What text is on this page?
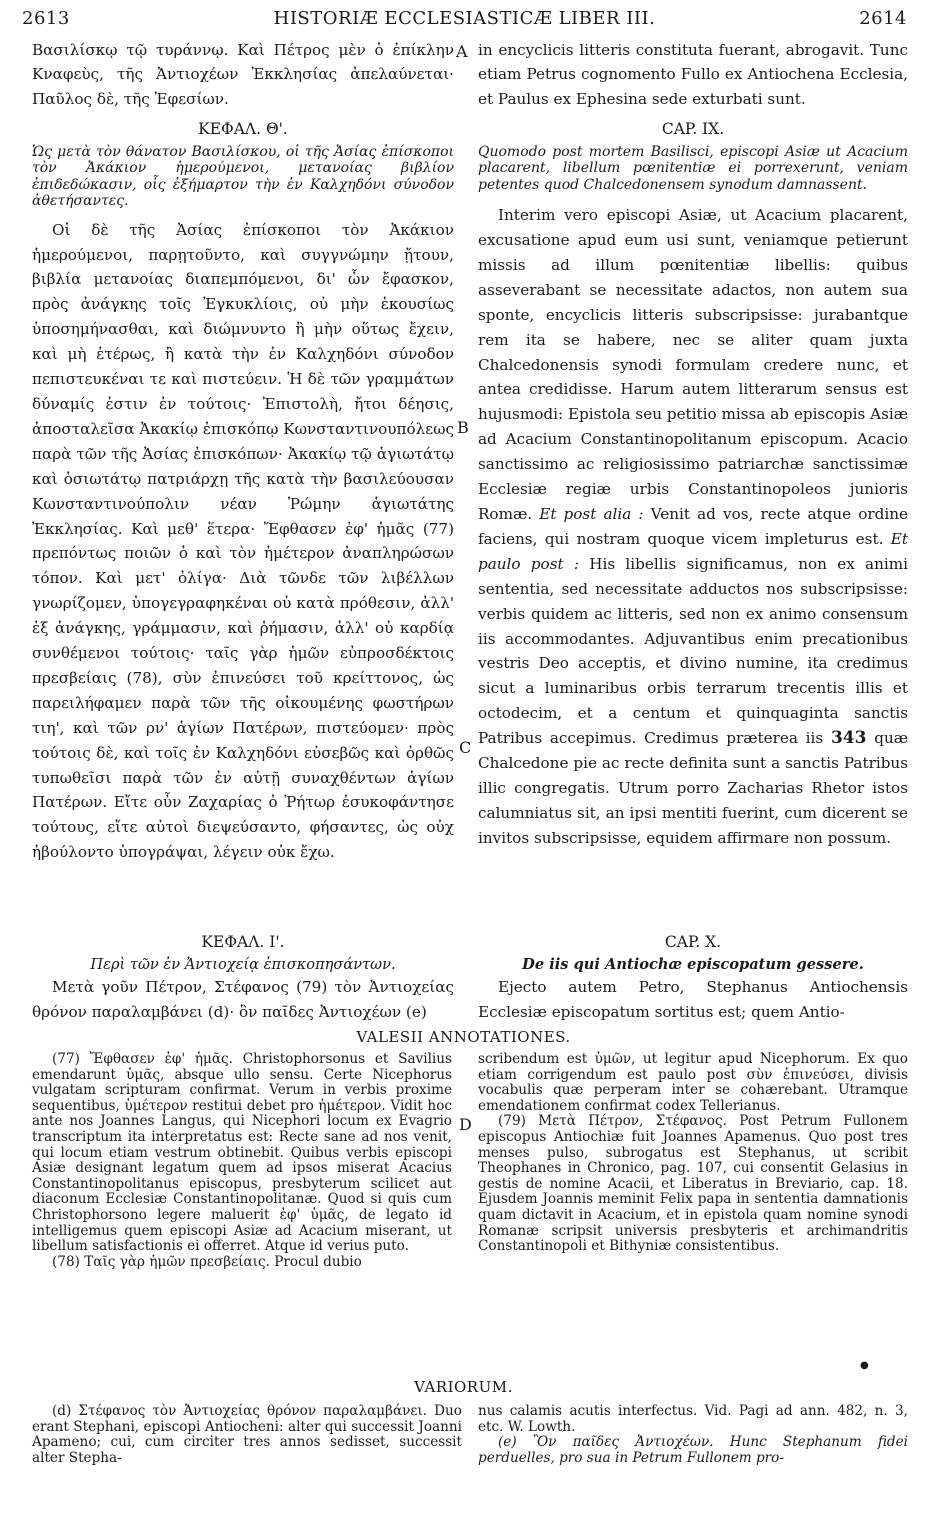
2613	HISTORIÆ ECCLESIASTICÆ LIBER III.	2614
A
B
C
D

Βασιλίσκῳ τῷ τυράννῳ. Καὶ Πέτρος μὲν ὁ ἐπίκλην Κναφεὺς, τῆς Ἀντιοχέων Ἐκκλησίας ἀπελαύνεται· Παῦλος δὲ, τῆς Ἐφεσίων.

ΚΕΦΑΛ. Θ'.

Ὡς μετὰ τὸν θάνατον Βασιλίσκου, οἱ τῆς Ἀσίας ἐπίσκοποι τὸν Ἀκάκιον ἡμερούμενοι, μετανοίας βιβλίον ἐπιδεδώκασιν, οἷς ἐξήμαρτον τὴν ἐν Καλχηδόνι σύνοδον ἀθετήσαντες.

Οἱ δὲ τῆς Ἀσίας ἐπίσκοποι τὸν Ἀκάκιον ἡμερούμενοι, παρῃτοῦντο, καὶ συγγνώμην ᾔτουν, βιβλία μετανοίας διαπεμπόμενοι, δι' ὧν ἔφασκον, πρὸς ἀνάγκης τοῖς Ἐγκυκλίοις, οὐ μὴν ἑκουσίως ὑποσημήνασθαι, καὶ διώμνυντο ἢ μὴν οὕτως ἔχειν, καὶ μὴ ἑτέρως, ἢ κατὰ τὴν ἐν Καλχηδόνι σύνοδον πεπιστευκέναι τε καὶ πιστεύειν. Ἡ δὲ τῶν γραμμάτων δύναμίς ἐστιν ἐν τούτοις· Ἐπιστολὴ, ἤτοι δέησις, ἀποσταλεῖσα Ἀκακίῳ ἐπισκόπῳ Κωνσταντινουπόλεως παρὰ τῶν τῆς Ἀσίας ἐπισκόπων· Ἀκακίῳ τῷ ἁγιωτάτῳ καὶ ὁσιωτάτῳ πατριάρχῃ τῆς κατὰ τὴν βασιλεύουσαν Κωνσταντινούπολιν νέαν Ῥώμην ἁγιωτάτης Ἐκκλησίας. Καὶ μεθ' ἕτερα· Ἔφθασεν ἐφ' ἡμᾶς (77) πρεπόντως ποιῶν ὁ καὶ τὸν ἡμέτερον ἀναπληρώσων τόπον. Καὶ μετ' ὀλίγα· Διὰ τῶνδε τῶν λιβέλλων γνωρίζομεν, ὑπογεγραφηκέναι οὐ κατὰ πρόθεσιν, ἀλλ' ἐξ ἀνάγκης, γράμμασιν, καὶ ῥήμασιν, ἀλλ' οὐ καρδίᾳ συνθέμενοι τούτοις· ταῖς γὰρ ἡμῶν εὐπροσδέκτοις πρεσβείαις (78), σὺν ἐπινεύσει τοῦ κρείττονος, ὡς παρειλήφαμεν παρὰ τῶν τῆς οἰκουμένης φωστήρων τιη', καὶ τῶν ρν' ἁγίων Πατέρων, πιστεύομεν· πρὸς τούτοις δὲ, καὶ τοῖς ἐν Καλχηδόνι εὐσεβῶς καὶ ὀρθῶς τυπωθεῖσι παρὰ τῶν ἐν αὐτῇ συναχθέντων ἁγίων Πατέρων. Εἴτε οὖν Ζαχαρίας ὁ Ῥήτωρ ἐσυκοφάντησε τούτους, εἴτε αὐτοὶ διεψεύσαντο, φήσαντες, ὡς οὐχ ἠβούλοντο ὑπογράψαι, λέγειν οὐκ ἔχω.

ΚΕΦΑΛ. Ι'.

Περὶ τῶν ἐν Ἀντιοχείᾳ ἐπισκοπησάντων.

Μετὰ γοῦν Πέτρον, Στέφανος (79) τὸν Ἀντιοχείας θρόνον παραλαμβάνει (d)· ὃν παῖδες Ἀντιοχέων (e)

in encyclicis litteris constituta fuerant, abrogavit. Tunc etiam Petrus cognomento Fullo ex Antiochena Ecclesia, et Paulus ex Ephesina sede exturbati sunt.

CAP. IX.

Quomodo post mortem Basilisci, episcopi Asiæ ut Acacium placarent, libellum pœnitentiæ ei porrexerunt, veniam petentes quod Chalcedonensem synodum damnassent.

Interim vero episcopi Asiæ, ut Acacium placarent, excusatione apud eum usi sunt, veniamque petierunt missis ad illum pœnitentiæ libellis: quibus asseverabant se necessitate adactos, non autem sua sponte, encyclicis litteris subscripsisse: jurabantque rem ita se habere, nec se aliter quam juxta Chalcedonensis synodi formulam credere nunc, et antea credidisse. Harum autem litterarum sensus est hujusmodi: Epistola seu petitio missa ab episcopis Asiæ ad Acacium Constantinopolitanum episcopum. Acacio sanctissimo ac religiosissimo patriarchæ sanctissimæ Ecclesiæ regiæ urbis Constantinopoleos junioris Romæ. Et post alia : Venit ad vos, recte atque ordine faciens, qui nostram quoque vicem impleturus est. Et paulo post : His libellis significamus, non ex animi sententia, sed necessitate adductos nos subscripsisse: verbis quidem ac litteris, sed non ex animo consensum iis accommodantes. Adjuvantibus enim precationibus vestris Deo acceptis, et divino numine, ita credimus sicut a luminaribus orbis terrarum trecentis illis et octodecim, et a centum et quinquaginta sanctis Patribus accepimus. Credimus præterea iis 343 quæ Chalcedone pie ac recte definita sunt a sanctis Patribus illic congregatis. Utrum porro Zacharias Rhetor istos calumniatus sit, an ipsi mentiti fuerint, cum dicerent se invitos subscripsisse, equidem affirmare non possum.

CAP. X.

De iis qui Antiochæ episcopatum gessere.

Ejecto autem Petro, Stephanus Antiochensis Ecclesiæ episcopatum sortitus est; quem Antio-

VALESII ANNOTATIONES.

(77) Ἔφθασεν ἐφ' ἡμᾶς. Christophorsonus et Savilius emendarunt ὑμᾶς, absque ullo sensu. Certe Nicephorus vulgatam scripturam confirmat. Verum in verbis proxime sequentibus, ὑμέτερον restitui debet pro ἡμέτερον. Vidit hoc ante nos Joannes Langus, qui Nicephori locum ex Evagrio transcriptum ita interpretatus est: Recte sane ad nos venit, qui locum etiam vestrum obtinebit. Quibus verbis episcopi Asiæ designant legatum quem ad ipsos miserat Acacius Constantinopolitanus episcopus, presbyterum scilicet aut diaconum Ecclesiæ Constantinopolitanæ. Quod si quis cum Christophorsono legere maluerit ἐφ' ὑμᾶς, de legato id intelligemus quem episcopi Asiæ ad Acacium miserant, ut libellum satisfactionis ei offerret. Atque id verius puto.

(78) Ταῖς γὰρ ἡμῶν πρεσβείαις. Procul dubio

scribendum est ὑμῶν, ut legitur apud Nicephorum. Ex quo etiam corrigendum est paulo post σὺν ἐπινεύσει, divisis vocabulis quæ perperam inter se cohærebant. Utramque emendationem confirmat codex Tellerianus.

(79) Μετὰ Πέτρον, Στέφανος. Post Petrum Fullonem episcopus Antiochiæ fuit Joannes Apamenus. Quo post tres menses pulso, subrogatus est Stephanus, ut scribit Theophanes in Chronico, pag. 107, cui consentit Gelasius in gestis de nomine Acacii, et Liberatus in Breviario, cap. 18. Ejusdem Joannis meminit Felix papa in sententia damnationis quam dictavit in Acacium, et in epistola quam nomine synodi Romanæ scripsit universis presbyteris et archimandritis Constantinopoli et Bithyniæ consistentibus.

VARIORUM.
●

(d) Στέφανος τὸν Ἀντιοχείας θρόνον παραλαμβάνει. Duo erant Stephani, episcopi Antiocheni: alter qui successit Joanni Apameno; cui, cum circiter tres annos sedisset, successit alter Stepha-

nus calamis acutis interfectus. Vid. Pagi ad ann. 482, n. 3, etc. W. Lowth.

(e) Ὃν παῖδες Ἀντιοχέων. Hunc Stephanum fidei perduelles, pro sua in Petrum Fullonem pro-
